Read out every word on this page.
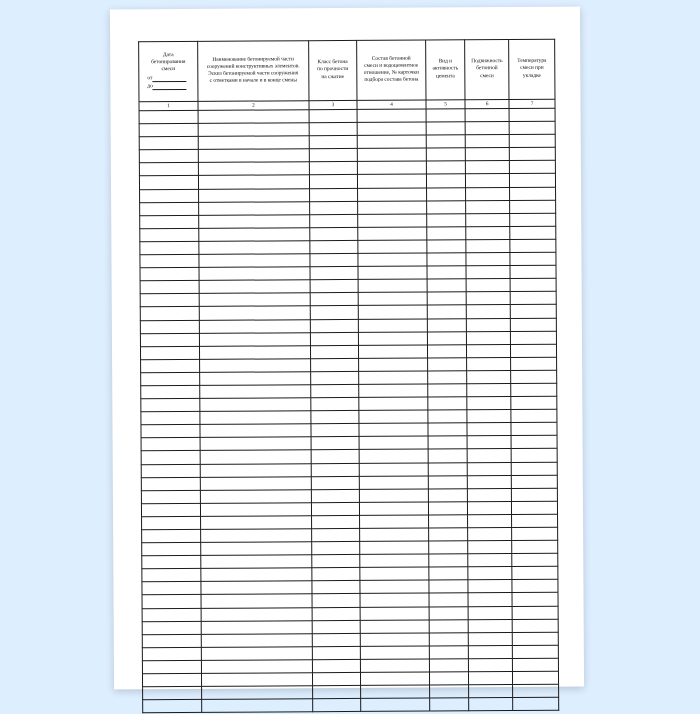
Дата
бетонирования
смеси
от
до	Наименование бетонируемой части
сооружений конструктивных элементов.
Эскиз бетонируемой части сооружения
с отметками в начале и в конце смены	Класс бетона
по прочности
на сжатие	Состав бетонной
смеси и водоцементное
отношение, № карточки
подбора состава бетона	Вид и
активность
цемента	Подвижность
бетонной
смеси	Температура
смеси при
укладке

1	2	3	4	5	6	7
